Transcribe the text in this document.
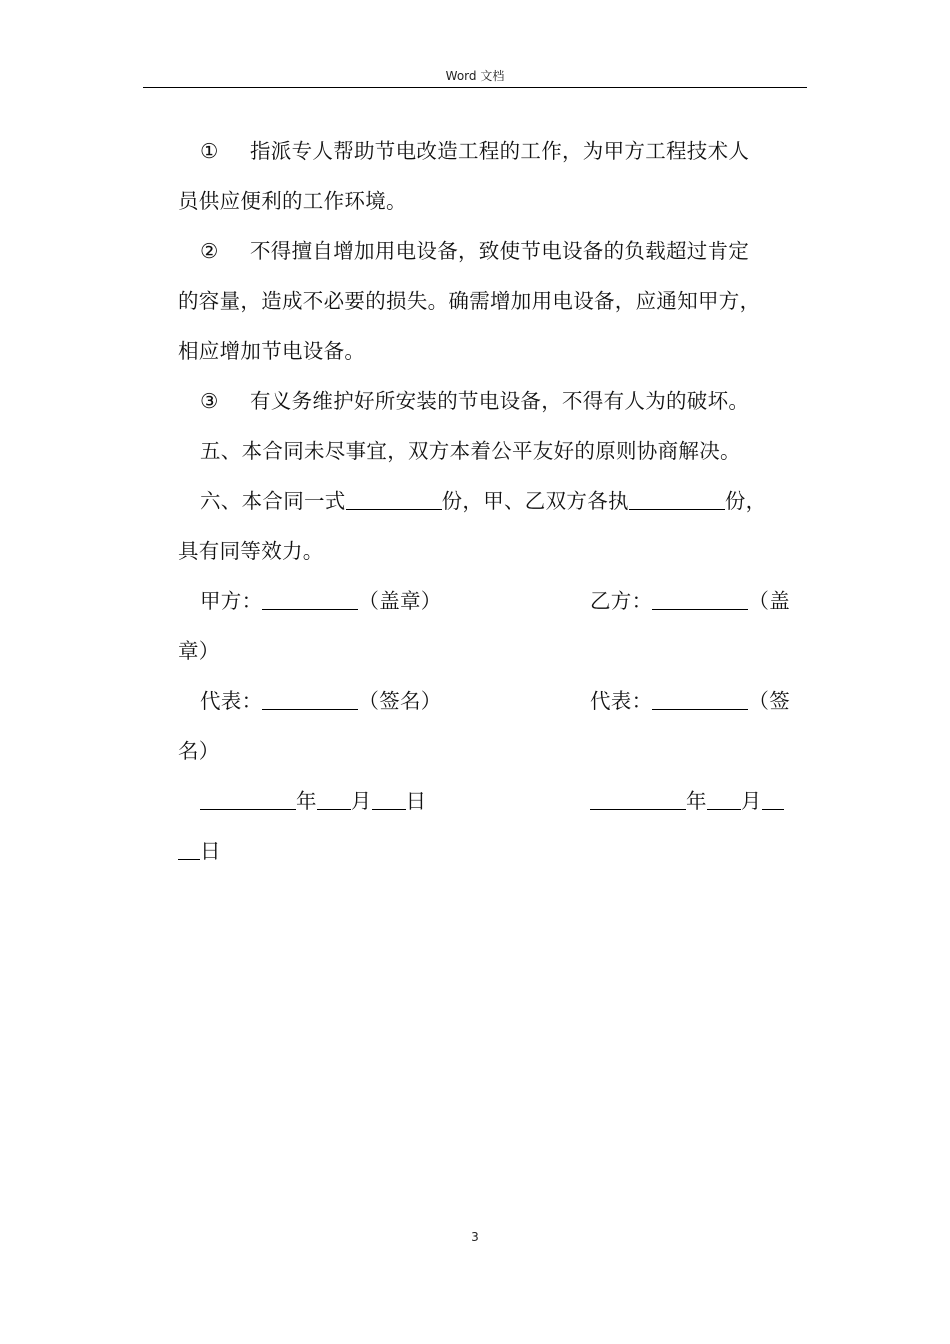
Word 文档
① 指派专人帮助节电改造工程的工作，为甲方工程技术人
员供应便利的工作环境。
② 不得擅自增加用电设备，致使节电设备的负载超过肯定
的容量，造成不必要的损失。确需增加用电设备，应通知甲方，
相应增加节电设备。
③ 有义务维护好所安装的节电设备，不得有人为的破坏。
五、本合同未尽事宜，双方本着公平友好的原则协商解决。
六、本合同一式	份，甲、乙双方各执	份，
具有同等效力。
甲方：	（盖章）	乙方：	（盖
章）
代表：	（签名）	代表：	（签
名）
年 月 日	年 月
日
3
